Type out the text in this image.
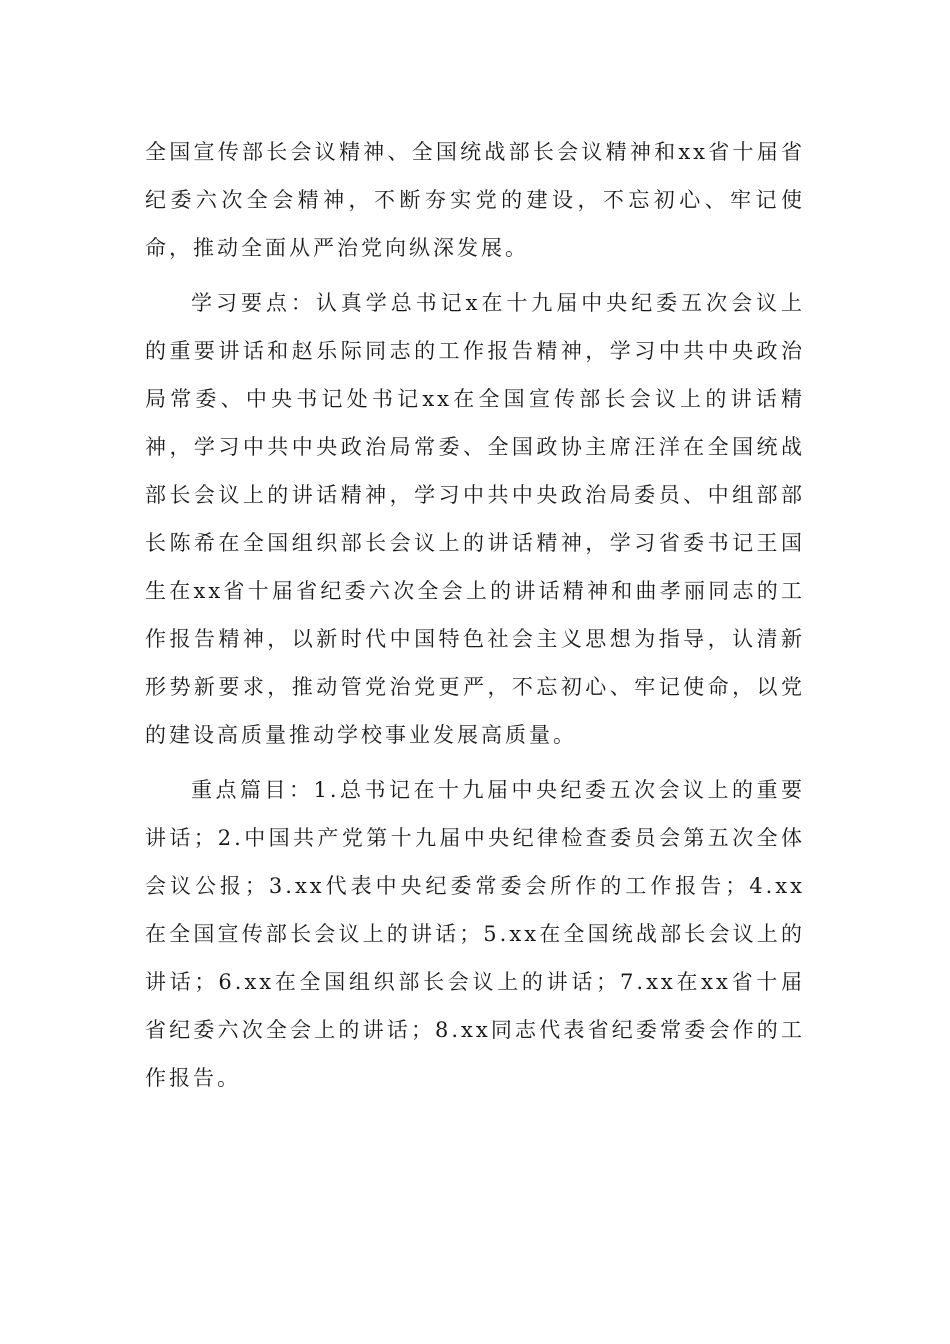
全国宣传部长会议精神、全国统战部长会议精神和xx省十届省纪委六次全会精神，不断夯实党的建设，不忘初心、牢记使命，推动全面从严治党向纵深发展。

学习要点：认真学总书记x在十九届中央纪委五次会议上的重要讲话和赵乐际同志的工作报告精神，学习中共中央政治局常委、中央书记处书记xx在全国宣传部长会议上的讲话精神，学习中共中央政治局常委、全国政协主席汪洋在全国统战部长会议上的讲话精神，学习中共中央政治局委员、中组部部长陈希在全国组织部长会议上的讲话精神，学习省委书记王国生在xx省十届省纪委六次全会上的讲话精神和曲孝丽同志的工作报告精神，以新时代中国特色社会主义思想为指导，认清新形势新要求，推动管党治党更严，不忘初心、牢记使命，以党的建设高质量推动学校事业发展高质量。

重点篇目：1.总书记在十九届中央纪委五次会议上的重要讲话；2.中国共产党第十九届中央纪律检查委员会第五次全体会议公报；3.xx代表中央纪委常委会所作的工作报告；4.xx在全国宣传部长会议上的讲话；5.xx在全国统战部长会议上的讲话；6.xx在全国组织部长会议上的讲话；7.xx在xx省十届省纪委六次全会上的讲话；8.xx同志代表省纪委常委会作的工作报告。
